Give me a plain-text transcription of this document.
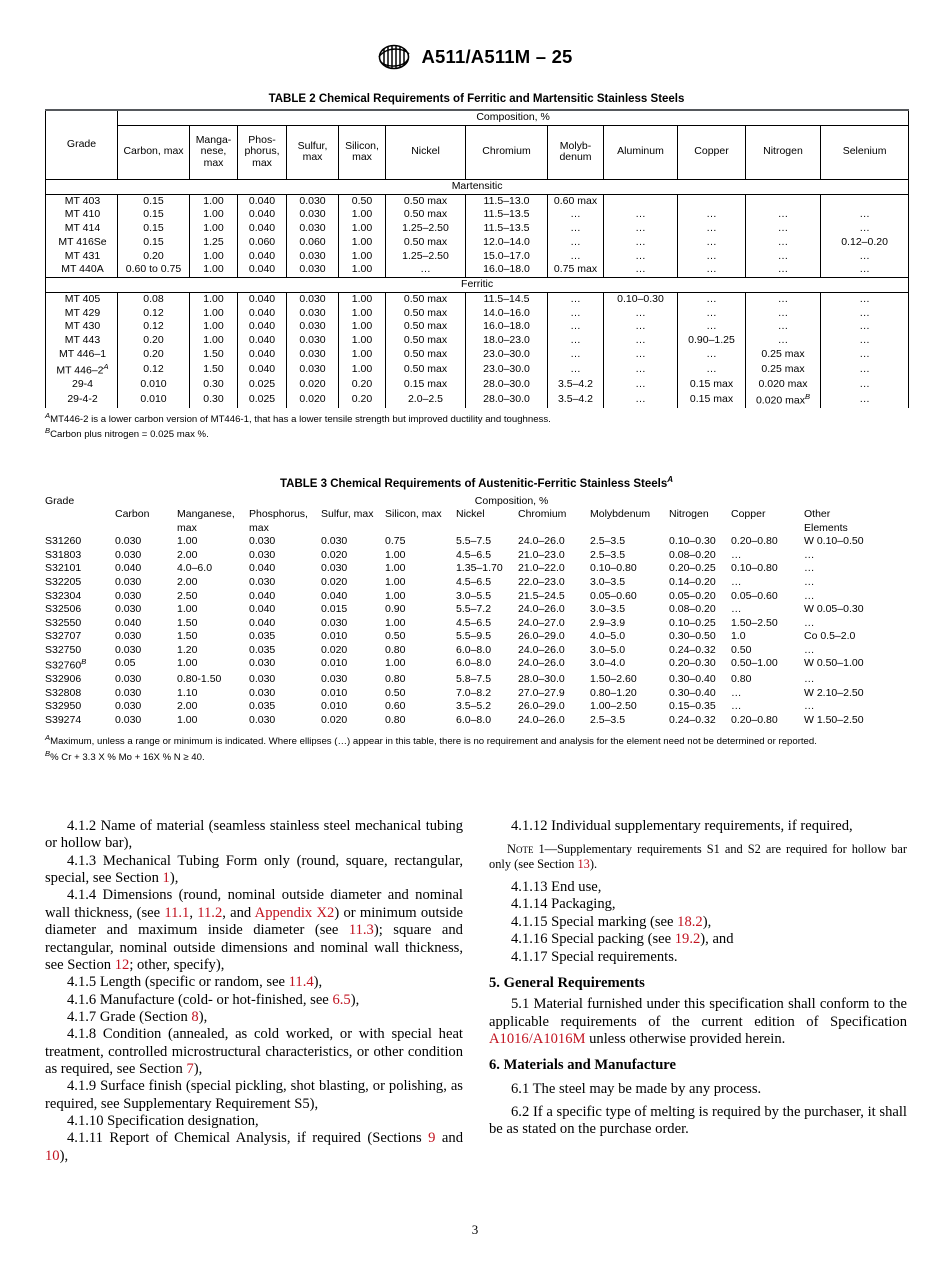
A511/A511M – 25
TABLE 2 Chemical Requirements of Ferritic and Martensitic Stainless Steels
Grade	Composition, %											
	Carbon, max	Manga-
nese,
max	Phos-
phorus,
max	Sulfur,
max	Silicon,
max	Nickel	Chromium	Molyb-
denum	Aluminum	Copper	Nitrogen	Selenium
Martensitic												
MT 403	0.15	1.00	0.040	0.030	0.50	0.50 max	11.5–13.0	0.60 max				
MT 410	0.15	1.00	0.040	0.030	1.00	0.50 max	11.5–13.5	…	…	…	…	…
MT 414	0.15	1.00	0.040	0.030	1.00	1.25–2.50	11.5–13.5	…	…	…	…	…
MT 416Se	0.15	1.25	0.060	0.060	1.00	0.50 max	12.0–14.0	…	…	…	…	0.12–0.20
MT 431	0.20	1.00	0.040	0.030	1.00	1.25–2.50	15.0–17.0	…	…	…	…	…
MT 440A	0.60 to 0.75	1.00	0.040	0.030	1.00	…	16.0–18.0	0.75 max	…	…	…	…
Ferritic												
MT 405	0.08	1.00	0.040	0.030	1.00	0.50 max	11.5–14.5	…	0.10–0.30	…	…	…
MT 429	0.12	1.00	0.040	0.030	1.00	0.50 max	14.0–16.0	…	…	…	…	…
MT 430	0.12	1.00	0.040	0.030	1.00	0.50 max	16.0–18.0	…	…	…	…	…
MT 443	0.20	1.00	0.040	0.030	1.00	0.50 max	18.0–23.0	…	…	0.90–1.25	…	…
MT 446–1	0.20	1.50	0.040	0.030	1.00	0.50 max	23.0–30.0	…	…	…	0.25 max	…
MT $446-2^A$	0.12	1.50	0.040	0.030	1.00	0.50 max	23.0–30.0	…	…	…	0.25 max	…
29-4	0.010	0.30	0.025	0.020	0.20	0.15 max	28.0–30.0	3.5–4.2	…	0.15 max	0.020 max	…
29-4-2	0.010	0.30	0.025	0.020	0.20	2.0–2.5	28.0–30.0	3.5–4.2	…	0.15 max	0.020 $\max^B$	…

$^A$MT446-2 is a lower carbon version of MT446-1, that has a lower tensile strength but improved ductility and toughness.
$^B$Carbon plus nitrogen = 0.025 max %.
TABLE 3 Chemical Requirements of Austenitic-Ferritic Stainless Steels$^A$
Grade	Composition, %										
	Carbon	Manganese,
max	Phosphorus,
max	Sulfur, max	Silicon, max	Nickel	Chromium	Molybdenum	Nitrogen	Copper	Other
Elements
S31260	0.030	1.00	0.030	0.030	0.75	5.5–7.5	24.0–26.0	2.5–3.5	0.10–0.30	0.20–0.80	W 0.10–0.50
S31803	0.030	2.00	0.030	0.020	1.00	4.5–6.5	21.0–23.0	2.5–3.5	0.08–0.20	…	…
S32101	0.040	4.0–6.0	0.040	0.030	1.00	1.35–1.70	21.0–22.0	0.10–0.80	0.20–0.25	0.10–0.80	…
S32205	0.030	2.00	0.030	0.020	1.00	4.5–6.5	22.0–23.0	3.0–3.5	0.14–0.20	…	…
S32304	0.030	2.50	0.040	0.040	1.00	3.0–5.5	21.5–24.5	0.05–0.60	0.05–0.20	0.05–0.60	…
S32506	0.030	1.00	0.040	0.015	0.90	5.5–7.2	24.0–26.0	3.0–3.5	0.08–0.20	…	W 0.05–0.30
S32550	0.040	1.50	0.040	0.030	1.00	4.5–6.5	24.0–27.0	2.9–3.9	0.10–0.25	1.50–2.50	…
S32707	0.030	1.50	0.035	0.010	0.50	5.5–9.5	26.0–29.0	4.0–5.0	0.30–0.50	1.0	Co 0.5–2.0
S32750	0.030	1.20	0.035	0.020	0.80	6.0–8.0	24.0–26.0	3.0–5.0	0.24–0.32	0.50	…
$S32760^B$	0.05	1.00	0.030	0.010	1.00	6.0–8.0	24.0–26.0	3.0–4.0	0.20–0.30	0.50–1.00	W 0.50–1.00
S32906	0.030	0.80-1.50	0.030	0.030	0.80	5.8–7.5	28.0–30.0	1.50–2.60	0.30–0.40	0.80	…
S32808	0.030	1.10	0.030	0.010	0.50	7.0–8.2	27.0–27.9	0.80–1.20	0.30–0.40	…	W 2.10–2.50
S32950	0.030	2.00	0.035	0.010	0.60	3.5–5.2	26.0–29.0	1.00–2.50	0.15–0.35	…	…
S39274	0.030	1.00	0.030	0.020	0.80	6.0–8.0	24.0–26.0	2.5–3.5	0.24–0.32	0.20–0.80	W 1.50–2.50

$^A$Maximum, unless a range or minimum is indicated. Where ellipses (…) appear in this table, there is no requirement and analysis for the element need not be determined or reported.
$^B$% Cr + 3.3 X % Mo + 16X % N ≥ 40.
4.1.2 Name of material (seamless stainless steel mechanical tubing or hollow bar),
4.1.3 Mechanical Tubing Form only (round, square, rectangular, special, see Section 1),
4.1.4 Dimensions (round, nominal outside diameter and nominal wall thickness, (see 11.1, 11.2, and Appendix X2) or minimum outside diameter and maximum inside diameter (see 11.3); square and rectangular, nominal outside dimensions and nominal wall thickness, see Section 12; other, specify),
4.1.5 Length (specific or random, see 11.4),
4.1.6 Manufacture (cold- or hot-finished, see 6.5),
4.1.7 Grade (Section 8),
4.1.8 Condition (annealed, as cold worked, or with special heat treatment, controlled microstructural characteristics, or other condition as required, see Section 7),
4.1.9 Surface finish (special pickling, shot blasting, or polishing, as required, see Supplementary Requirement S5),
4.1.10 Specification designation,
4.1.11 Report of Chemical Analysis, if required (Sections 9 and 10),
4.1.12 Individual supplementary requirements, if required,
Note 1—Supplementary requirements S1 and S2 are required for hollow bar only (see Section 13).
4.1.13 End use,
4.1.14 Packaging,
4.1.15 Special marking (see 18.2),
4.1.16 Special packing (see 19.2), and
4.1.17 Special requirements.
5. General Requirements
5.1 Material furnished under this specification shall conform to the applicable requirements of the current edition of Specification A1016/A1016M unless otherwise provided herein.
6. Materials and Manufacture
6.1 The steel may be made by any process.
6.2 If a specific type of melting is required by the purchaser, it shall be as stated on the purchase order.
3
